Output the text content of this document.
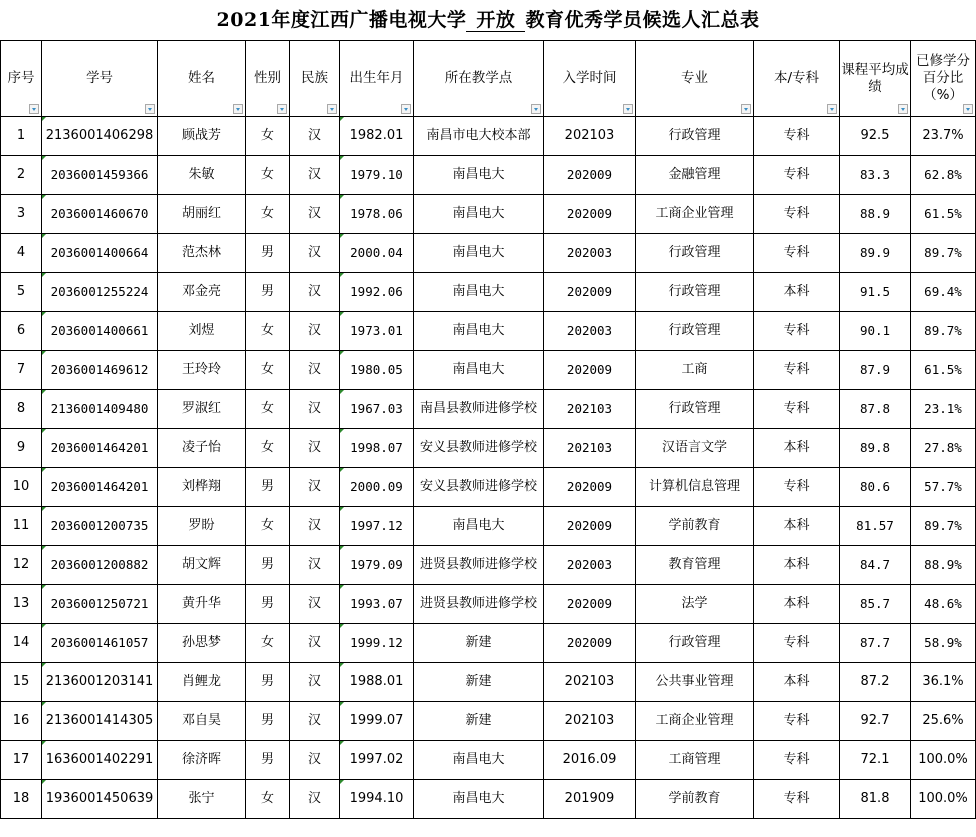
2021年度江西广播电视大学 开放 教育优秀学员候选人汇总表
序号	学号	姓名	性别	民族	出生年月	所在教学点	入学时间	专业	本/专科	课程平均成绩	已修学分百分比（%）

1	2136001406298	顾战芳	女	汉	1982.01	南昌市电大校本部	202103	行政管理	专科	92.5	23.7%
2	2036001459366	朱敏	女	汉	1979.10	南昌电大	202009	金融管理	专科	83.3	62.8%
3	2036001460670	胡丽红	女	汉	1978.06	南昌电大	202009	工商企业管理	专科	88.9	61.5%
4	2036001400664	范杰林	男	汉	2000.04	南昌电大	202003	行政管理	专科	89.9	89.7%
5	2036001255224	邓金亮	男	汉	1992.06	南昌电大	202009	行政管理	本科	91.5	69.4%
6	2036001400661	刘煜	女	汉	1973.01	南昌电大	202003	行政管理	专科	90.1	89.7%
7	2036001469612	王玲玲	女	汉	1980.05	南昌电大	202009	工商	专科	87.9	61.5%
8	2136001409480	罗淑红	女	汉	1967.03	南昌县教师进修学校	202103	行政管理	专科	87.8	23.1%
9	2036001464201	凌子怡	女	汉	1998.07	安义县教师进修学校	202103	汉语言文学	本科	89.8	27.8%
10	2036001464201	刘桦翔	男	汉	2000.09	安义县教师进修学校	202009	计算机信息管理	专科	80.6	57.7%
11	2036001200735	罗盼	女	汉	1997.12	南昌电大	202009	学前教育	本科	81.57	89.7%
12	2036001200882	胡文辉	男	汉	1979.09	进贤县教师进修学校	202003	教育管理	本科	84.7	88.9%
13	2036001250721	黄升华	男	汉	1993.07	进贤县教师进修学校	202009	法学	本科	85.7	48.6%
14	2036001461057	孙思梦	女	汉	1999.12	新建	202009	行政管理	专科	87.7	58.9%
15	2136001203141	肖鲤龙	男	汉	1988.01	新建	202103	公共事业管理	本科	87.2	36.1%
16	2136001414305	邓自昊	男	汉	1999.07	新建	202103	工商企业管理	专科	92.7	25.6%
17	1636001402291	徐济晖	男	汉	1997.02	南昌电大	2016.09	工商管理	专科	72.1	100.0%
18	1936001450639	张宁	女	汉	1994.10	南昌电大	201909	学前教育	专科	81.8	100.0%
